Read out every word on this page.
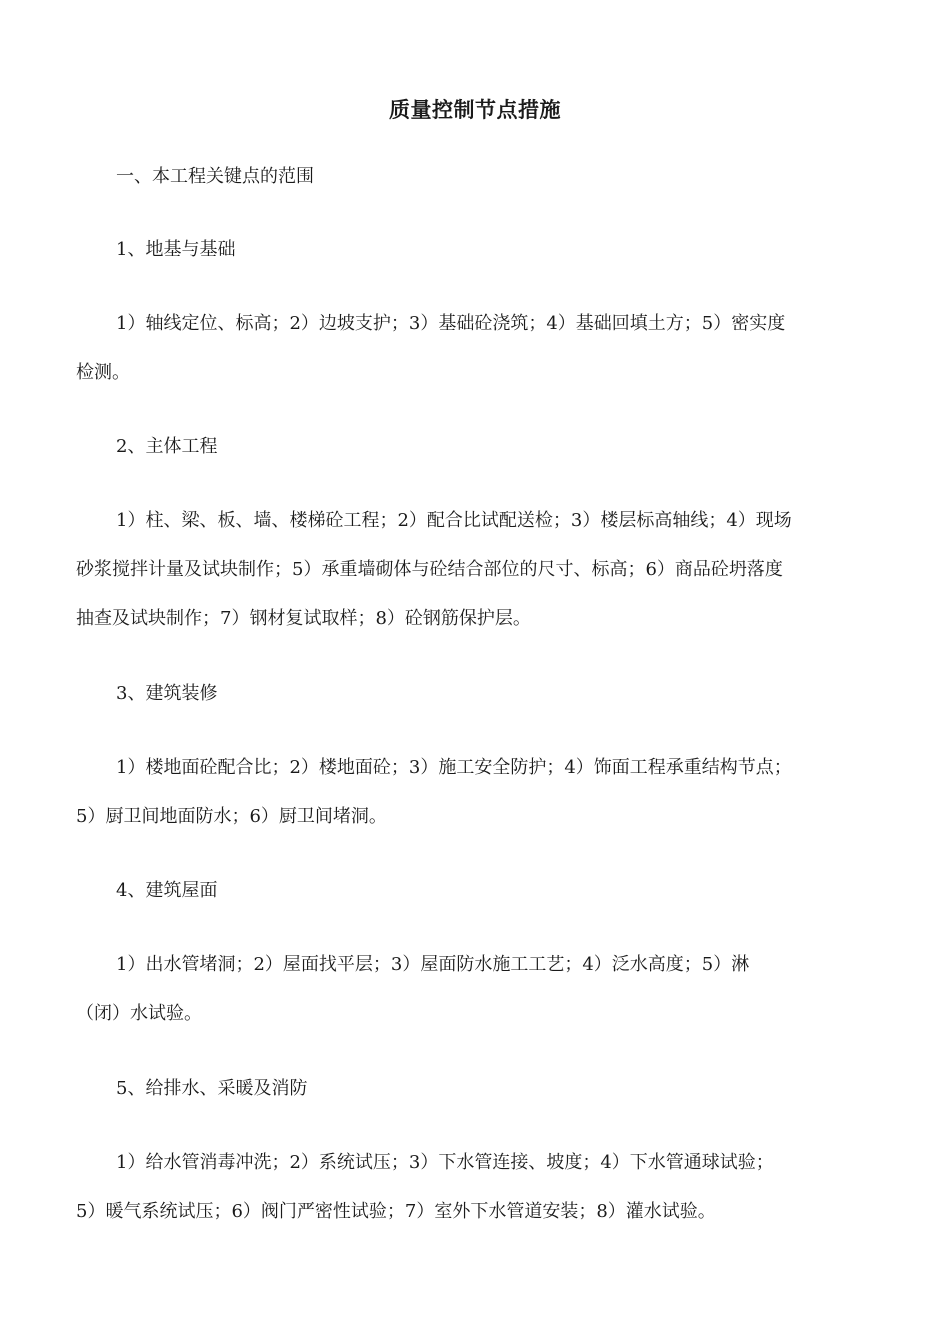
质量控制节点措施
一、本工程关键点的范围
1、地基与基础
1）轴线定位、标高；2）边坡支护；3）基础砼浇筑；4）基础回填土方；5）密实度
检测。
2、主体工程
1）柱、梁、板、墙、楼梯砼工程；2）配合比试配送检；3）楼层标高轴线；4）现场
砂浆搅拌计量及试块制作；5）承重墙砌体与砼结合部位的尺寸、标高；6）商品砼坍落度
抽查及试块制作；7）钢材复试取样；8）砼钢筋保护层。
3、建筑装修
1）楼地面砼配合比；2）楼地面砼；3）施工安全防护；4）饰面工程承重结构节点；
5）厨卫间地面防水；6）厨卫间堵洞。
4、建筑屋面
1）出水管堵洞；2）屋面找平层；3）屋面防水施工工艺；4）泛水高度；5）淋
（闭）水试验。
5、给排水、采暖及消防
1）给水管消毒冲洗；2）系统试压；3）下水管连接、坡度；4）下水管通球试验；
5）暖气系统试压；6）阀门严密性试验；7）室外下水管道安装；8）灌水试验。
